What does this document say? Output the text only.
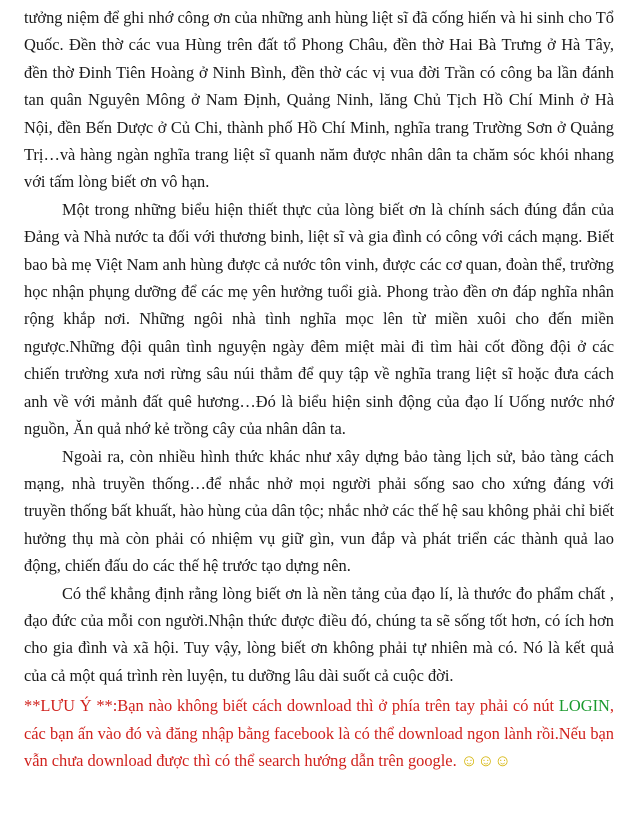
tưởng niệm để ghi nhớ công ơn của những anh hùng liệt sĩ đã cống hiến và hi sinh cho Tổ Quốc. Đền thờ các vua Hùng trên đất tổ Phong Châu, đền thờ Hai Bà Trưng ở Hà Tây, đền thờ Đinh Tiên Hoàng ở Ninh Bình, đền thờ các vị vua đời Trần có công ba lần đánh tan quân Nguyên Mông ở Nam Định, Quảng Ninh, lăng Chủ Tịch Hồ Chí Minh ở Hà Nội, đền Bến Dược ở Củ Chi, thành phố Hồ Chí Minh, nghĩa trang Trường Sơn ở Quảng Trị…và hàng ngàn nghĩa trang liệt sĩ quanh năm được nhân dân ta chăm sóc khói nhang với tấm lòng biết ơn vô hạn.

Một trong những biểu hiện thiết thực của lòng biết ơn là chính sách đúng đắn của Đảng và Nhà nước ta đối với thương binh, liệt sĩ và gia đình có công với cách mạng. Biết bao bà mẹ Việt Nam anh hùng được cả nước tôn vinh, được các cơ quan, đoàn thể, trường học nhận phụng dưỡng để các mẹ yên hưởng tuổi già. Phong trào đền ơn đáp nghĩa nhân rộng khắp nơi. Những ngôi nhà tình nghĩa mọc lên từ miền xuôi cho đến miền ngược.Những đội quân tình nguyện ngày đêm miệt mài đi tìm hài cốt đồng đội ở các chiến trường xưa nơi rừng sâu núi thẳm để quy tập về nghĩa trang liệt sĩ hoặc đưa cách anh về với mảnh đất quê hương…Đó là biểu hiện sinh động của đạo lí Uống nước nhớ nguồn, Ăn quả nhớ kẻ trồng cây của nhân dân ta.

Ngoài ra, còn nhiều hình thức khác như xây dựng bảo tàng lịch sử, bảo tàng cách mạng, nhà truyền thống…để nhắc nhở mọi người phải sống sao cho xứng đáng với truyền thống bất khuất, hào hùng của dân tộc; nhắc nhở các thế hệ sau không phải chỉ biết hưởng thụ mà còn phải có nhiệm vụ giữ gìn, vun đắp và phát triển các thành quả lao động, chiến đấu do các thế hệ trước tạo dựng nên.

Có thể khẳng định rằng lòng biết ơn là nền tảng của đạo lí, là thước đo phẩm chất , đạo đức của mỗi con người.Nhận thức được điều đó, chúng ta sẽ sống tốt hơn, có ích hơn cho gia đình và xã hội. Tuy vậy, lòng biết ơn không phải tự nhiên mà có. Nó là kết quả của cả một quá trình rèn luyện, tu dưỡng lâu dài suốt cả cuộc đời.

**LƯU Ý **:Bạn nào không biết cách download thì ở phía trên tay phải có nút LOGIN, các bạn ấn vào đó và đăng nhập bằng facebook là có thể download ngon lành rồi.Nếu bạn vẫn chưa download được thì có thể search hướng dẫn trên google. ☺☺☺
